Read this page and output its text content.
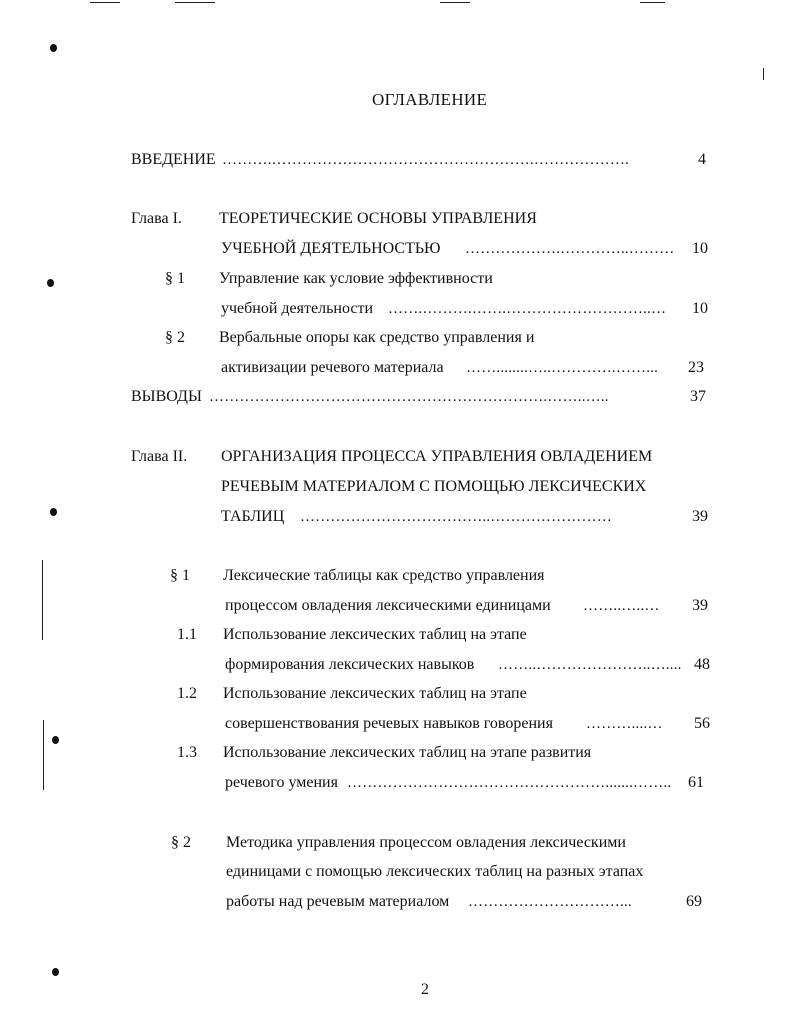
ОГЛАВЛЕНИЕ
ВВЕДЕНИЕ ……….…………………………………………….……………….	4
Глава I. ТЕОРЕТИЧЕСКИЕ ОСНОВЫ УПРАВЛЕНИЯ
УЧЕБНОЙ ДЕЯТЕЛЬНОСТЬЮ ……………….…………..………	10
§ 1 Управление как условие эффективности
учебной деятельности …….……….…….………………………..…	10
§ 2 Вербальные опоры как средство управления и
активизации речевого материала ……........…..………….……...	23
ВЫВОДЫ ………………………………………………………….……..…..	37
Глава II. ОРГАНИЗАЦИЯ ПРОЦЕССА УПРАВЛЕНИЯ ОВЛАДЕНИЕМ
РЕЧЕВЫМ МАТЕРИАЛОМ С ПОМОЩЬЮ ЛЕКСИЧЕСКИХ
ТАБЛИЦ ………………………………..……………………	39
§ 1 Лексические таблицы как средство управления
процессом овладения лексическими единицами ……..…..…	39
1.1 Использование лексических таблиц на этапе
формирования лексических навыков ……..…………………..….... 48
1.2 Использование лексических таблиц на этапе
совершенствования речевых навыков говорения ………....…	56
1.3 Использование лексических таблиц на этапе развития
речевого умения …………………………………………….......……..	61
§ 2 Методика управления процессом овладения лексическими
единицами с помощью лексических таблиц на разных этапах
работы над речевым материалом …………………………...	69
2
